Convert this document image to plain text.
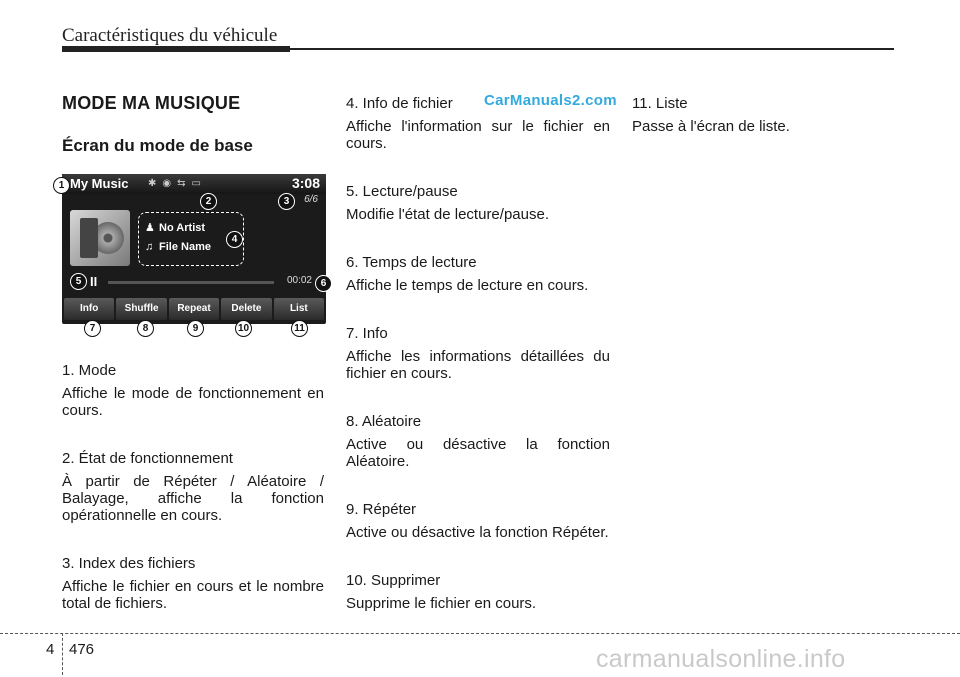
Caractéristiques du véhicule
MODE MA MUSIQUE
Écran du mode de base
CarManuals2.com
My Music ✱◉⇆▭	3:08
6/6
♟ No Artist
♫ File Name
II	00:02
Info	Shuffle	Repeat	Delete	List
1
2	3
4
5	6
7	8	9	10	11
1. Mode
Affiche le mode de fonctionnement en cours.
2. État de fonctionnement
À partir de Répéter / Aléatoire / Balayage, affiche la fonction opérationnelle en cours.
3. Index des fichiers
Affiche le fichier en cours et le nombre total de fichiers.
4. Info de fichier
Affiche l'information sur le fichier en cours.
5. Lecture/pause
Modifie l'état de lecture/pause.
6. Temps de lecture
Affiche le temps de lecture en cours.
7. Info
Affiche les informations détaillées du fichier en cours.
8. Aléatoire
Active ou désactive la fonction Aléatoire.
9. Répéter
Active ou désactive la fonction Répéter.
10. Supprimer
Supprime le fichier en cours.
11. Liste
Passe à l'écran de liste.
4 476	carmanualsonline.info
